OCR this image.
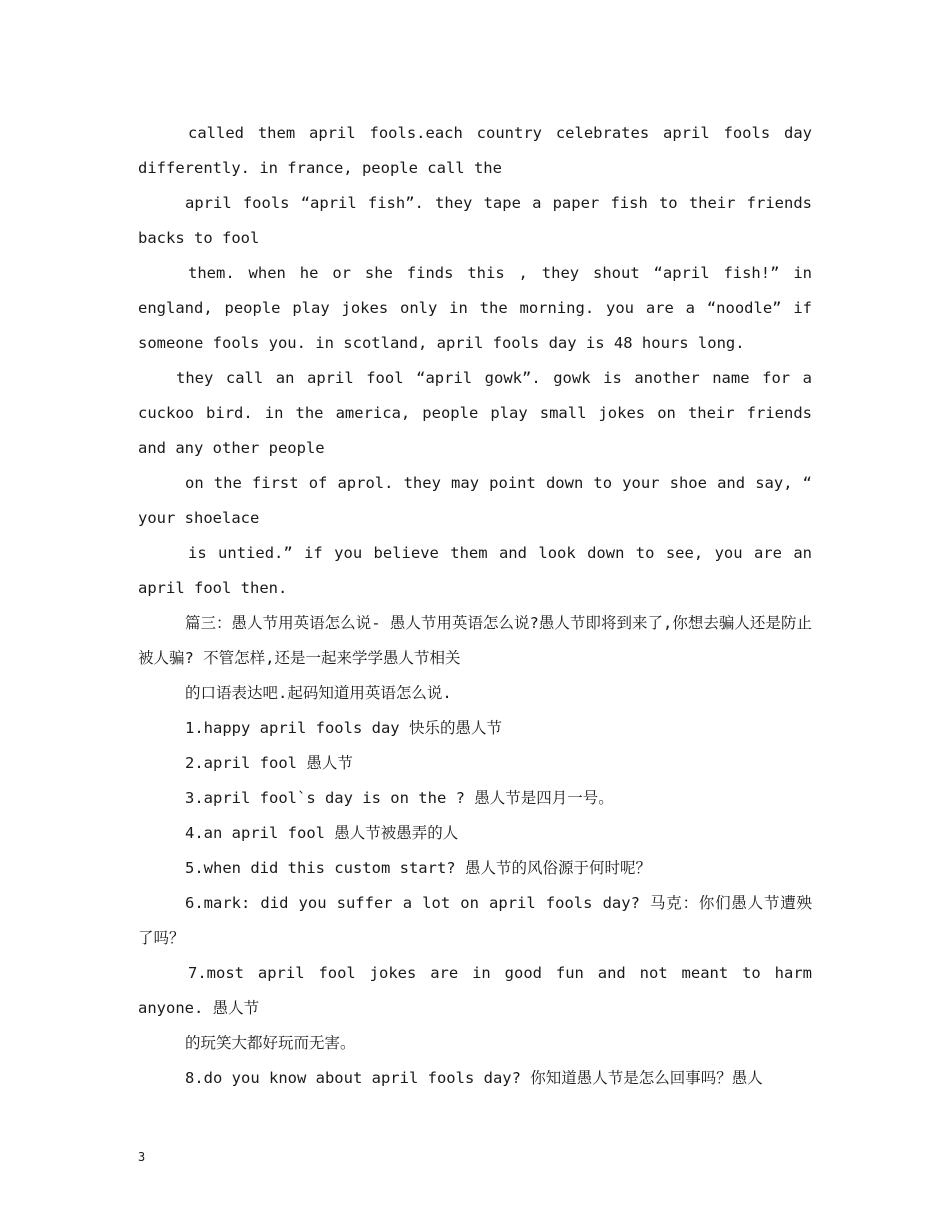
called them april fools.each country celebrates april fools day differently. in france, people call the

april fools “april fish”. they tape a paper fish to their friends backs to fool

them. when he or she finds this , they shout “april fish!” in england, people play jokes only in the morning. you are a “noodle” if someone fools you. in scotland, april fools day is 48 hours long.

they call an april fool “april gowk”. gowk is another name for a cuckoo bird. in the america, people play small jokes on their friends and any other people

on the first of aprol. they may point down to your shoe and say, “ your shoelace

is untied.” if you believe them and look down to see, you are an april fool then.

篇三：愚人节用英语怎么说- 愚人节用英语怎么说?愚人节即将到来了,你想去骗人还是防止被人骗? 不管怎样,还是一起来学学愚人节相关

的口语表达吧.起码知道用英语怎么说.

1.happy april fools day 快乐的愚人节

2.april fool 愚人节

3.april fool`s day is on the ? 愚人节是四月一号。

4.an april fool 愚人节被愚弄的人

5.when did this custom start? 愚人节的风俗源于何时呢？

6.mark: did you suffer a lot on april fools day? 马克：你们愚人节遭殃了吗？

7.most april fool jokes are in good fun and not meant to harm anyone. 愚人节

的玩笑大都好玩而无害。

8.do you know about april fools day? 你知道愚人节是怎么回事吗？愚人

3
